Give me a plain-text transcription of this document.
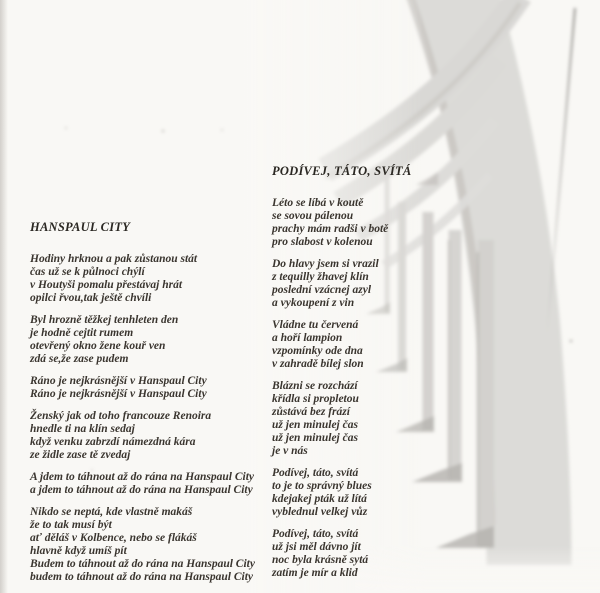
HANSPAUL CITY
Hodiny hrknou a pak zůstanou stát
čas už se k půlnoci chýlí
v Houtyši pomalu přestávaj hrát
opilci řvou,tak ještě chvíli
Byl hrozně těžkej tenhleten den
je hodně cejtit rumem
otevřený okno žene kouř ven
zdá se,že zase pudem
Ráno je nejkrásnější v Hanspaul City
Ráno je nejkrásnější v Hanspaul City
Ženský jak od toho francouze Renoira
hnedle ti na klín sedaj
když venku zabrzdí námezdná kára
ze židle zase tě zvedaj
A jdem to táhnout až do rána na Hanspaul City
a jdem to táhnout až do rána na Hanspaul City
Nikdo se neptá, kde vlastně makáš
že to tak musí být
ať děláš v Kolbence, nebo se flákáš
hlavně když umíš pít
Budem to táhnout až do rána na Hanspaul City
budem to táhnout až do rána na Hanspaul City
PODÍVEJ, TÁTO, SVÍTÁ
Léto se líbá v koutě
se sovou pálenou
prachy mám radši v botě
pro slabost v kolenou
Do hlavy jsem si vrazil
z tequilly žhavej klín
poslední vzácnej azyl
a vykoupení z vin
Vládne tu červená
a hoří lampion
vzpomínky ode dna
v zahradě bílej slon
Blázni se rozchází
křídla si propletou
zůstává bez frází
už jen minulej čas
už jen minulej čas
je v nás
Podívej, táto, svítá
to je to správný blues
kdejakej pták už lítá
vyblednul velkej vůz
Podívej, táto, svítá
už jsi měl dávno jít
noc byla krásně sytá
zatím je mír a klid
